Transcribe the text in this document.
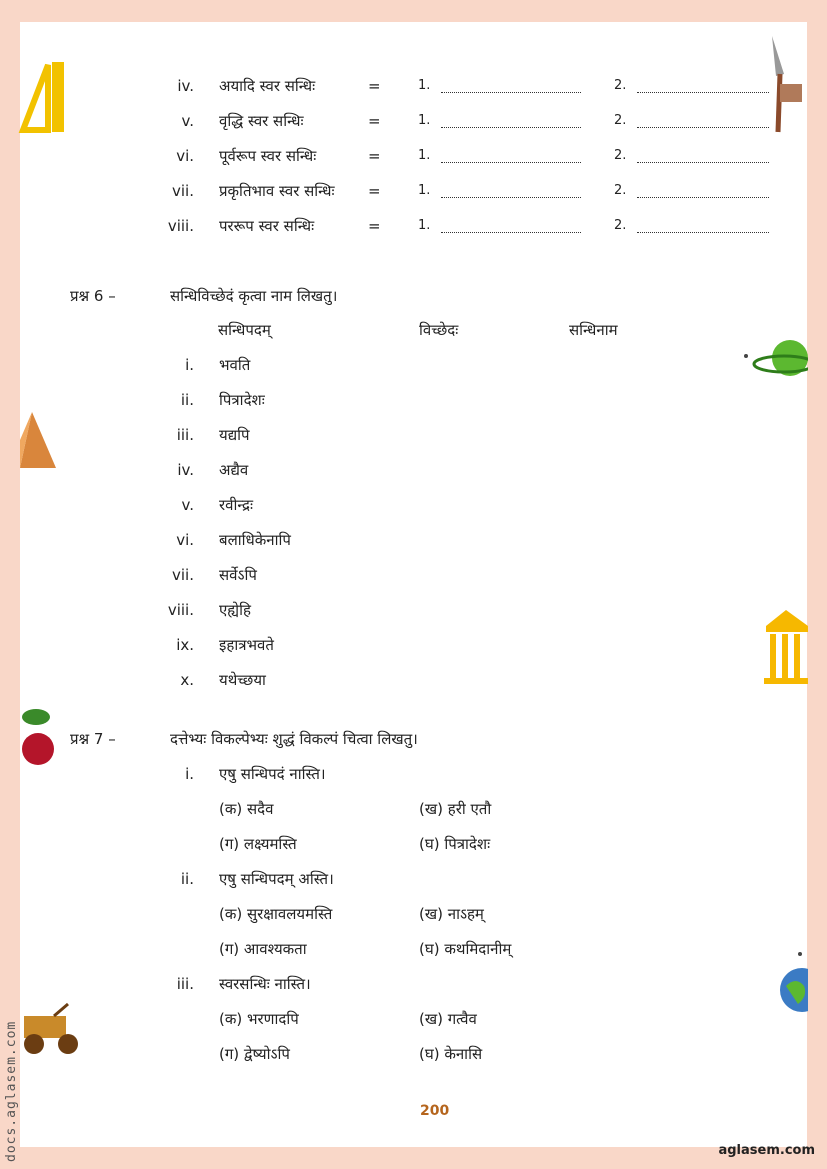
iv. अयादि स्वर सन्धिः	=	1.	2.
v. वृद्धि स्वर सन्धिः	=	1.	2.
vi. पूर्वरूप स्वर सन्धिः	=	1.	2.
vii. प्रकृतिभाव स्वर सन्धिः =	1.	2.
viii. पररूप स्वर सन्धिः	=	1.	2.
प्रश्न 6 –	सन्धिविच्छेदं कृत्वा नाम लिखतु।
सन्धिपदम्	विच्छेदः	सन्धिनाम
i. भवति
ii. पित्रादेशः
iii. यद्यपि
iv. अद्यैव
v. रवीन्द्रः
vi. बलाधिकेनापि
vii. सर्वेऽपि
viii. एह्येहि
ix. इहात्रभवते
x. यथेच्छया
प्रश्न 7 –	दत्तेभ्यः विकल्पेभ्यः शुद्धं विकल्पं चित्वा लिखतु।
i. एषु सन्धिपदं नास्ति।
(क) सदैव	(ख) हरी एतौ
(ग) लक्ष्यमस्ति	(घ) पित्रादेशः
ii. एषु सन्धिपदम् अस्ति।
(क) सुरक्षावलयमस्ति	(ख) नाऽहम्
(ग) आवश्यकता	(घ) कथमिदानीम्
iii. स्वरसन्धिः नास्ति।
(क) भरणादपि	(ख) गत्वैव
(ग) द्वेष्योऽपि	(घ) केनासि
200
docs.aglasem.com	aglasem.com
